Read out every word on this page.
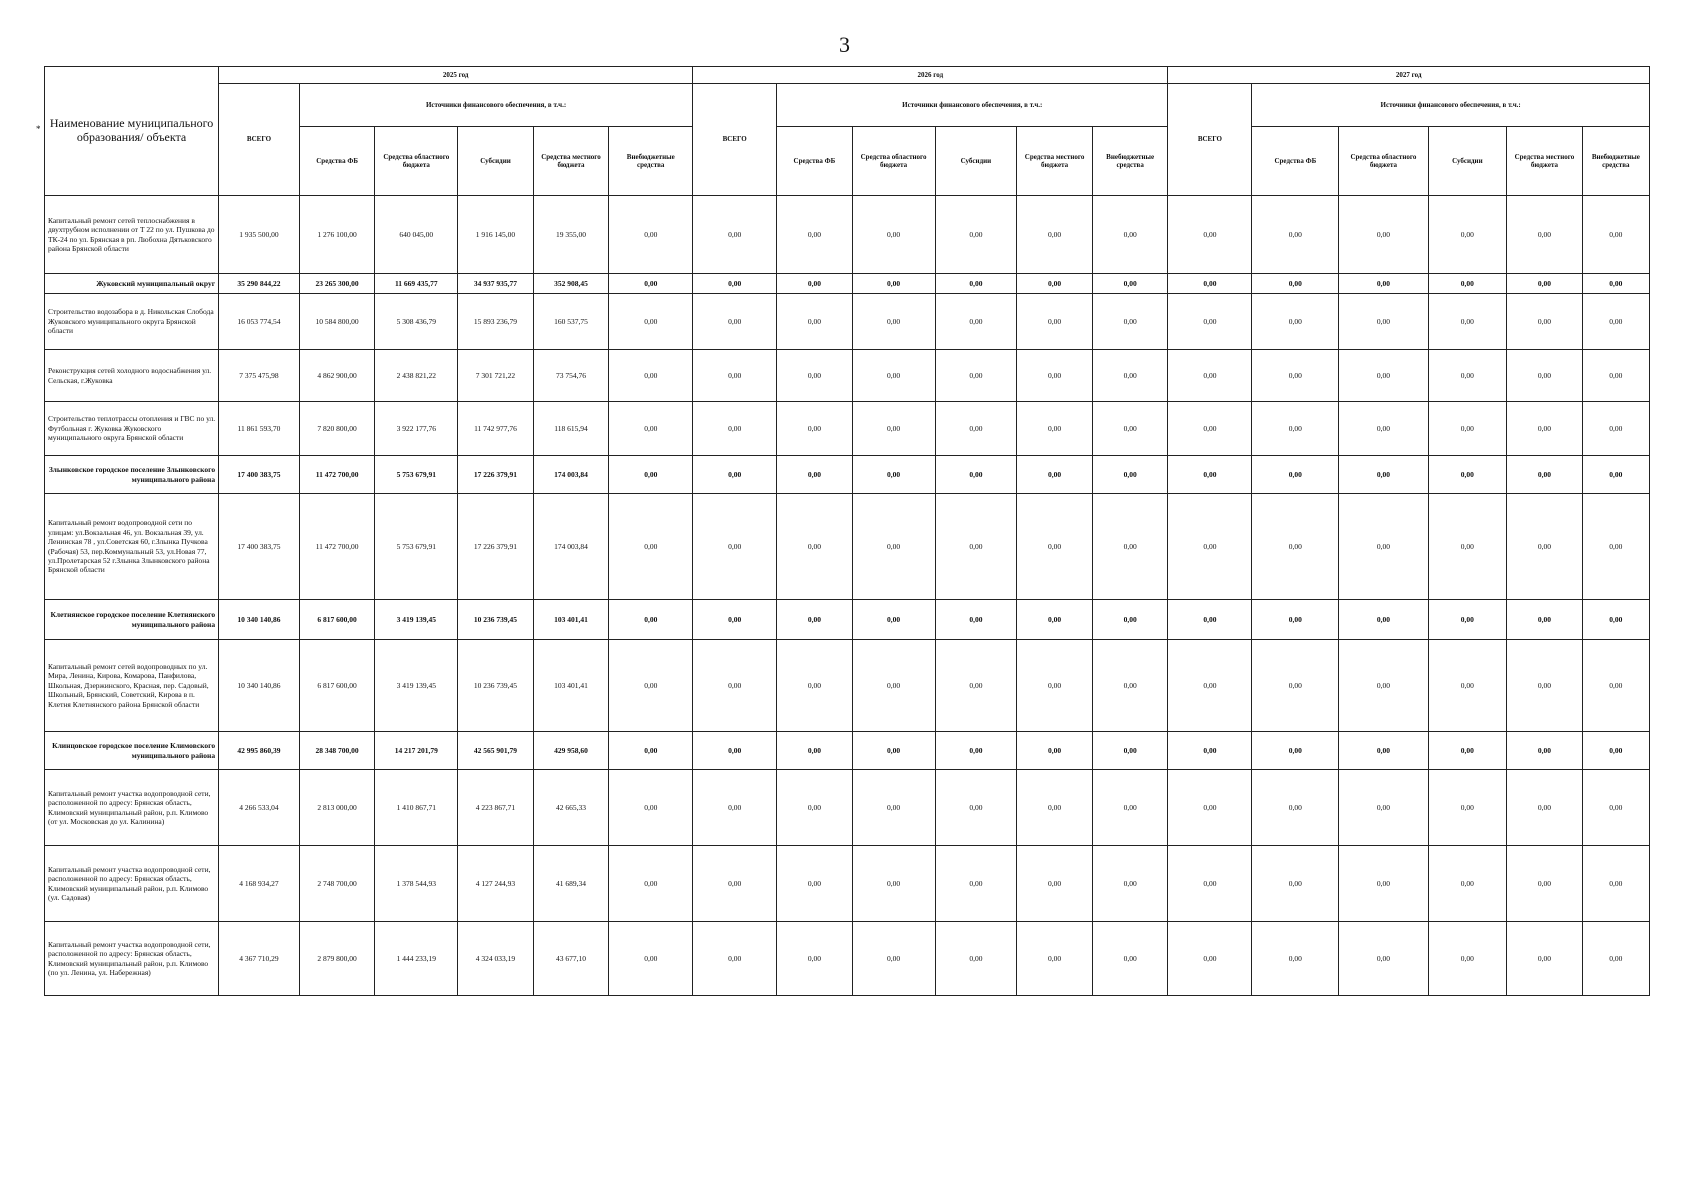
3
* Наименование муниципального образования/ объекта	2025 год						2026 год						2027 год					
	ВСЕГО	Источники финансового обеспечения, в т.ч.:					ВСЕГО	Источники финансового обеспечения, в т.ч.:					ВСЕГО	Источники финансового обеспечения, в т.ч.:				
		Средства ФБ	Средства областного бюджета	Субсидии	Средства местного бюджета	Внебюджетные средства		Средства ФБ	Средства областного бюджета	Субсидии	Средства местного бюджета	Внебюджетные средства		Средства ФБ	Средства областного бюджета	Субсидии	Средства местного бюджета	Внебюджетные средства
Капитальный ремонт сетей теплоснабжения в двухтрубном исполнении от Т 22 по ул. Пушкова до ТК-24 по ул. Брянская в рп. Любохна Дятьковского района Брянской области	1 935 500,00	1 276 100,00	640 045,00	1 916 145,00	19 355,00	0,00	0,00	0,00	0,00	0,00	0,00	0,00	0,00	0,00	0,00	0,00	0,00	0,00
Жуковский муниципальный округ	35 290 844,22	23 265 300,00	11 669 435,77	34 937 935,77	352 908,45	0,00	0,00	0,00	0,00	0,00	0,00	0,00	0,00	0,00	0,00	0,00	0,00	0,00
Строительство водозабора в д. Никольская Слобода Жуковского муниципального округа Брянской области	16 053 774,54	10 584 800,00	5 308 436,79	15 893 236,79	160 537,75	0,00	0,00	0,00	0,00	0,00	0,00	0,00	0,00	0,00	0,00	0,00	0,00	0,00
Реконструкция сетей холодного водоснабжения ул. Сельская, г.Жуковка	7 375 475,98	4 862 900,00	2 438 821,22	7 301 721,22	73 754,76	0,00	0,00	0,00	0,00	0,00	0,00	0,00	0,00	0,00	0,00	0,00	0,00	0,00
Строительство теплотрассы отопления и ГВС по ул. Футбольная г. Жуковка Жуковского муниципального округа Брянской области	11 861 593,70	7 820 800,00	3 922 177,76	11 742 977,76	118 615,94	0,00	0,00	0,00	0,00	0,00	0,00	0,00	0,00	0,00	0,00	0,00	0,00	0,00
Злынковское городское поселение Злынковского муниципального района	17 400 383,75	11 472 700,00	5 753 679,91	17 226 379,91	174 003,84	0,00	0,00	0,00	0,00	0,00	0,00	0,00	0,00	0,00	0,00	0,00	0,00	0,00
Капитальный ремонт водопроводной сети по улицам: ул.Вокзальная 46, ул. Вокзальная 39, ул. Ленинская 78 , ул.Советская 60, г.Злынка Пучкова (Рабочая) 53, пер.Коммунальный 53, ул.Новая 77, ул.Пролетарская 52 г.Злынка Злынковского района Брянской области	17 400 383,75	11 472 700,00	5 753 679,91	17 226 379,91	174 003,84	0,00	0,00	0,00	0,00	0,00	0,00	0,00	0,00	0,00	0,00	0,00	0,00	0,00
Клетнянское городское поселение Клетнянского муниципального района	10 340 140,86	6 817 600,00	3 419 139,45	10 236 739,45	103 401,41	0,00	0,00	0,00	0,00	0,00	0,00	0,00	0,00	0,00	0,00	0,00	0,00	0,00
Капитальный ремонт сетей водопроводных по ул. Мира, Ленина, Кирова, Комарова, Панфилова, Школьная, Дзержинского, Красная, пер. Садовый, Школьный, Брянский, Советский, Кирова в п. Клетня Клетнянского района Брянской области	10 340 140,86	6 817 600,00	3 419 139,45	10 236 739,45	103 401,41	0,00	0,00	0,00	0,00	0,00	0,00	0,00	0,00	0,00	0,00	0,00	0,00	0,00
Клинцовское городское поселение Климовского муниципального района	42 995 860,39	28 348 700,00	14 217 201,79	42 565 901,79	429 958,60	0,00	0,00	0,00	0,00	0,00	0,00	0,00	0,00	0,00	0,00	0,00	0,00	0,00
Капитальный ремонт участка водопроводной сети, расположенной по адресу: Брянская область, Климовский муниципальный район, р.п. Климово (от ул. Московская до ул. Калинина)	4 266 533,04	2 813 000,00	1 410 867,71	4 223 867,71	42 665,33	0,00	0,00	0,00	0,00	0,00	0,00	0,00	0,00	0,00	0,00	0,00	0,00	0,00
Капитальный ремонт участка водопроводной сети, расположенной по адресу: Брянская область, Климовский муниципальный район, р.п. Климово (ул. Садовая)	4 168 934,27	2 748 700,00	1 378 544,93	4 127 244,93	41 689,34	0,00	0,00	0,00	0,00	0,00	0,00	0,00	0,00	0,00	0,00	0,00	0,00	0,00
Капитальный ремонт участка водопроводной сети, расположенной по адресу: Брянская область, Климовский муниципальный район, р.п. Климово (по ул. Ленина, ул. Набережная)	4 367 710,29	2 879 800,00	1 444 233,19	4 324 033,19	43 677,10	0,00	0,00	0,00	0,00	0,00	0,00	0,00	0,00	0,00	0,00	0,00	0,00	0,00
